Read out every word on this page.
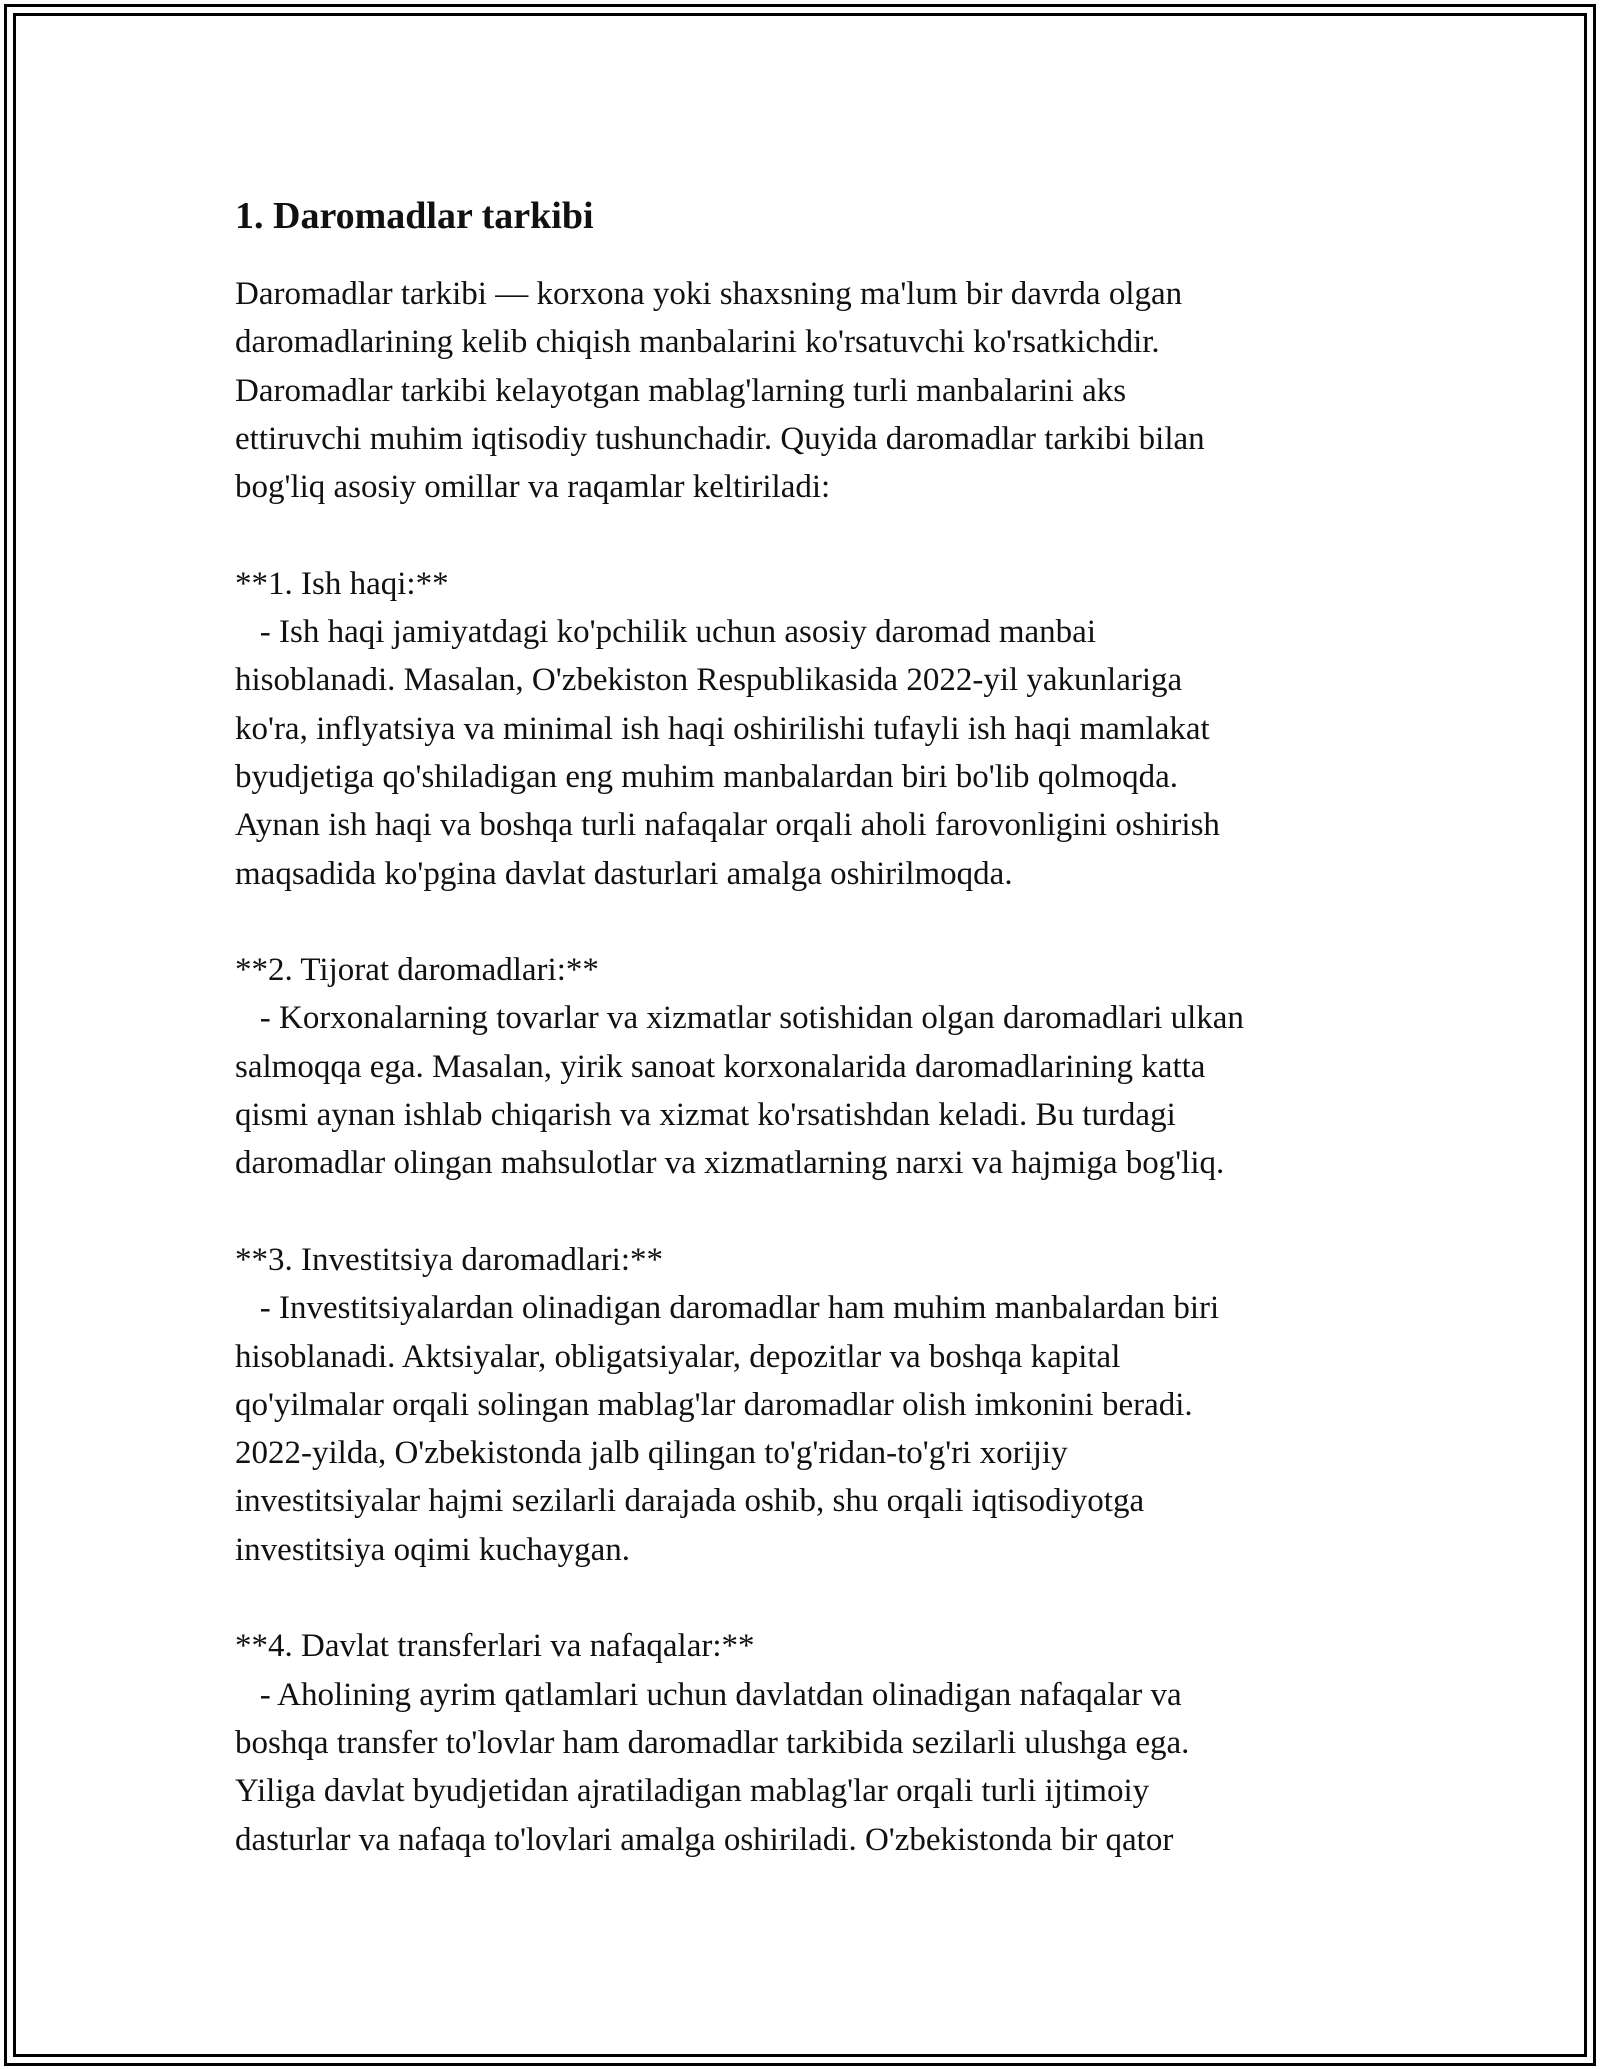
1. Daromadlar tarkibi
Daromadlar tarkibi — korxona yoki shaxsning ma'lum bir davrda olgan
daromadlarining kelib chiqish manbalarini ko'rsatuvchi ko'rsatkichdir.
Daromadlar tarkibi kelayotgan mablag'larning turli manbalarini aks
ettiruvchi muhim iqtisodiy tushunchadir. Quyida daromadlar tarkibi bilan
bog'liq asosiy omillar va raqamlar keltiriladi:
**1. Ish haqi:**
- Ish haqi jamiyatdagi ko'pchilik uchun asosiy daromad manbai
hisoblanadi. Masalan, O'zbekiston Respublikasida 2022-yil yakunlariga
ko'ra, inflyatsiya va minimal ish haqi oshirilishi tufayli ish haqi mamlakat
byudjetiga qo'shiladigan eng muhim manbalardan biri bo'lib qolmoqda.
Aynan ish haqi va boshqa turli nafaqalar orqali aholi farovonligini oshirish
maqsadida ko'pgina davlat dasturlari amalga oshirilmoqda.
**2. Tijorat daromadlari:**
- Korxonalarning tovarlar va xizmatlar sotishidan olgan daromadlari ulkan
salmoqqa ega. Masalan, yirik sanoat korxonalarida daromadlarining katta
qismi aynan ishlab chiqarish va xizmat ko'rsatishdan keladi. Bu turdagi
daromadlar olingan mahsulotlar va xizmatlarning narxi va hajmiga bog'liq.
**3. Investitsiya daromadlari:**
- Investitsiyalardan olinadigan daromadlar ham muhim manbalardan biri
hisoblanadi. Aktsiyalar, obligatsiyalar, depozitlar va boshqa kapital
qo'yilmalar orqali solingan mablag'lar daromadlar olish imkonini beradi.
2022-yilda, O'zbekistonda jalb qilingan to'g'ridan-to'g'ri xorijiy
investitsiyalar hajmi sezilarli darajada oshib, shu orqali iqtisodiyotga
investitsiya oqimi kuchaygan.
**4. Davlat transferlari va nafaqalar:**
- Aholining ayrim qatlamlari uchun davlatdan olinadigan nafaqalar va
boshqa transfer to'lovlar ham daromadlar tarkibida sezilarli ulushga ega.
Yiliga davlat byudjetidan ajratiladigan mablag'lar orqali turli ijtimoiy
dasturlar va nafaqa to'lovlari amalga oshiriladi. O'zbekistonda bir qator
